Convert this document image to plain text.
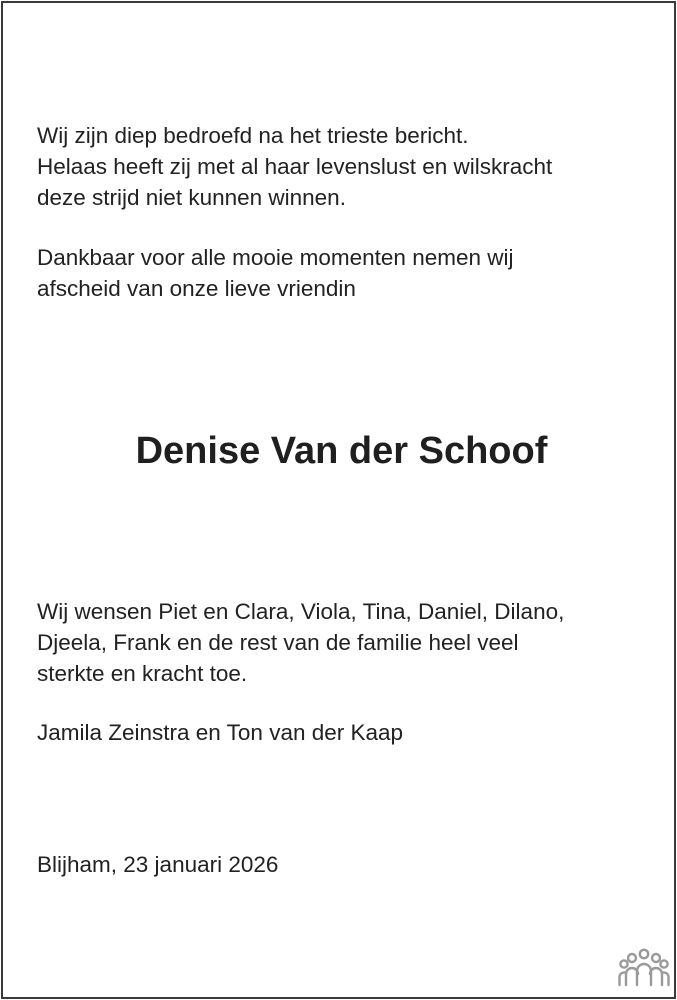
Wij zijn diep bedroefd na het trieste bericht.
Helaas heeft zij met al haar levenslust en wilskracht
deze strijd niet kunnen winnen.

Dankbaar voor alle mooie momenten nemen wij
afscheid van onze lieve vriendin

Denise Van der Schoof

Wij wensen Piet en Clara, Viola, Tina, Daniel, Dilano,
Djeela, Frank en de rest van de familie heel veel
sterkte en kracht toe.

Jamila Zeinstra en Ton van der Kaap

Blijham, 23 januari 2026
